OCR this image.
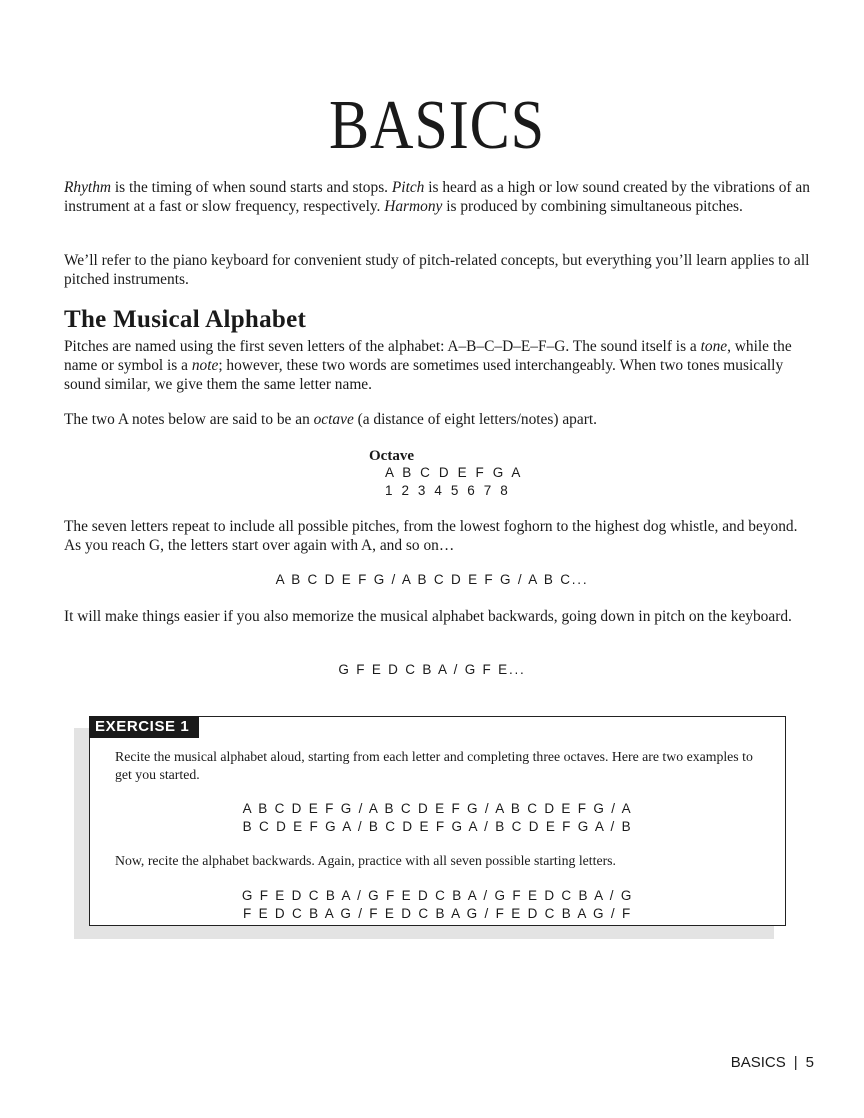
BASICS

Rhythm is the timing of when sound starts and stops. Pitch is heard as a high or low sound created by the vibrations of an instrument at a fast or slow frequency, respectively. Harmony is produced by combining simultaneous pitches.

We’ll refer to the piano keyboard for convenient study of pitch-related concepts, but everything you’ll learn applies to all pitched instruments.

The Musical Alphabet

Pitches are named using the first seven letters of the alphabet: A–B–C–D–E–F–G. The sound itself is a tone, while the name or symbol is a note; however, these two words are sometimes used interchangeably. When two tones musically sound similar, we give them the same letter name.

The two A notes below are said to be an octave (a distance of eight letters/notes) apart.

Octave
A B C D E F G A
1 2 3 4 5 6 7 8

The seven letters repeat to include all possible pitches, from the lowest foghorn to the highest dog whistle, and beyond. As you reach G, the letters start over again with A, and so on…

A B C D E F G / A B C D E F G / A B C...

It will make things easier if you also memorize the musical alphabet backwards, going down in pitch on the keyboard.

G F E D C B A / G F E...
EXERCISE 1

Recite the musical alphabet aloud, starting from each letter and completing three octaves. Here are two examples to get you started.

A B C D E F G / A B C D E F G / A B C D E F G / A
B C D E F G A / B C D E F G A / B C D E F G A / B

Now, recite the alphabet backwards. Again, practice with all seven possible starting letters.

G F E D C B A / G F E D C B A / G F E D C B A / G
F E D C B A G / F E D C B A G / F E D C B A G / F
BASICS | 5
